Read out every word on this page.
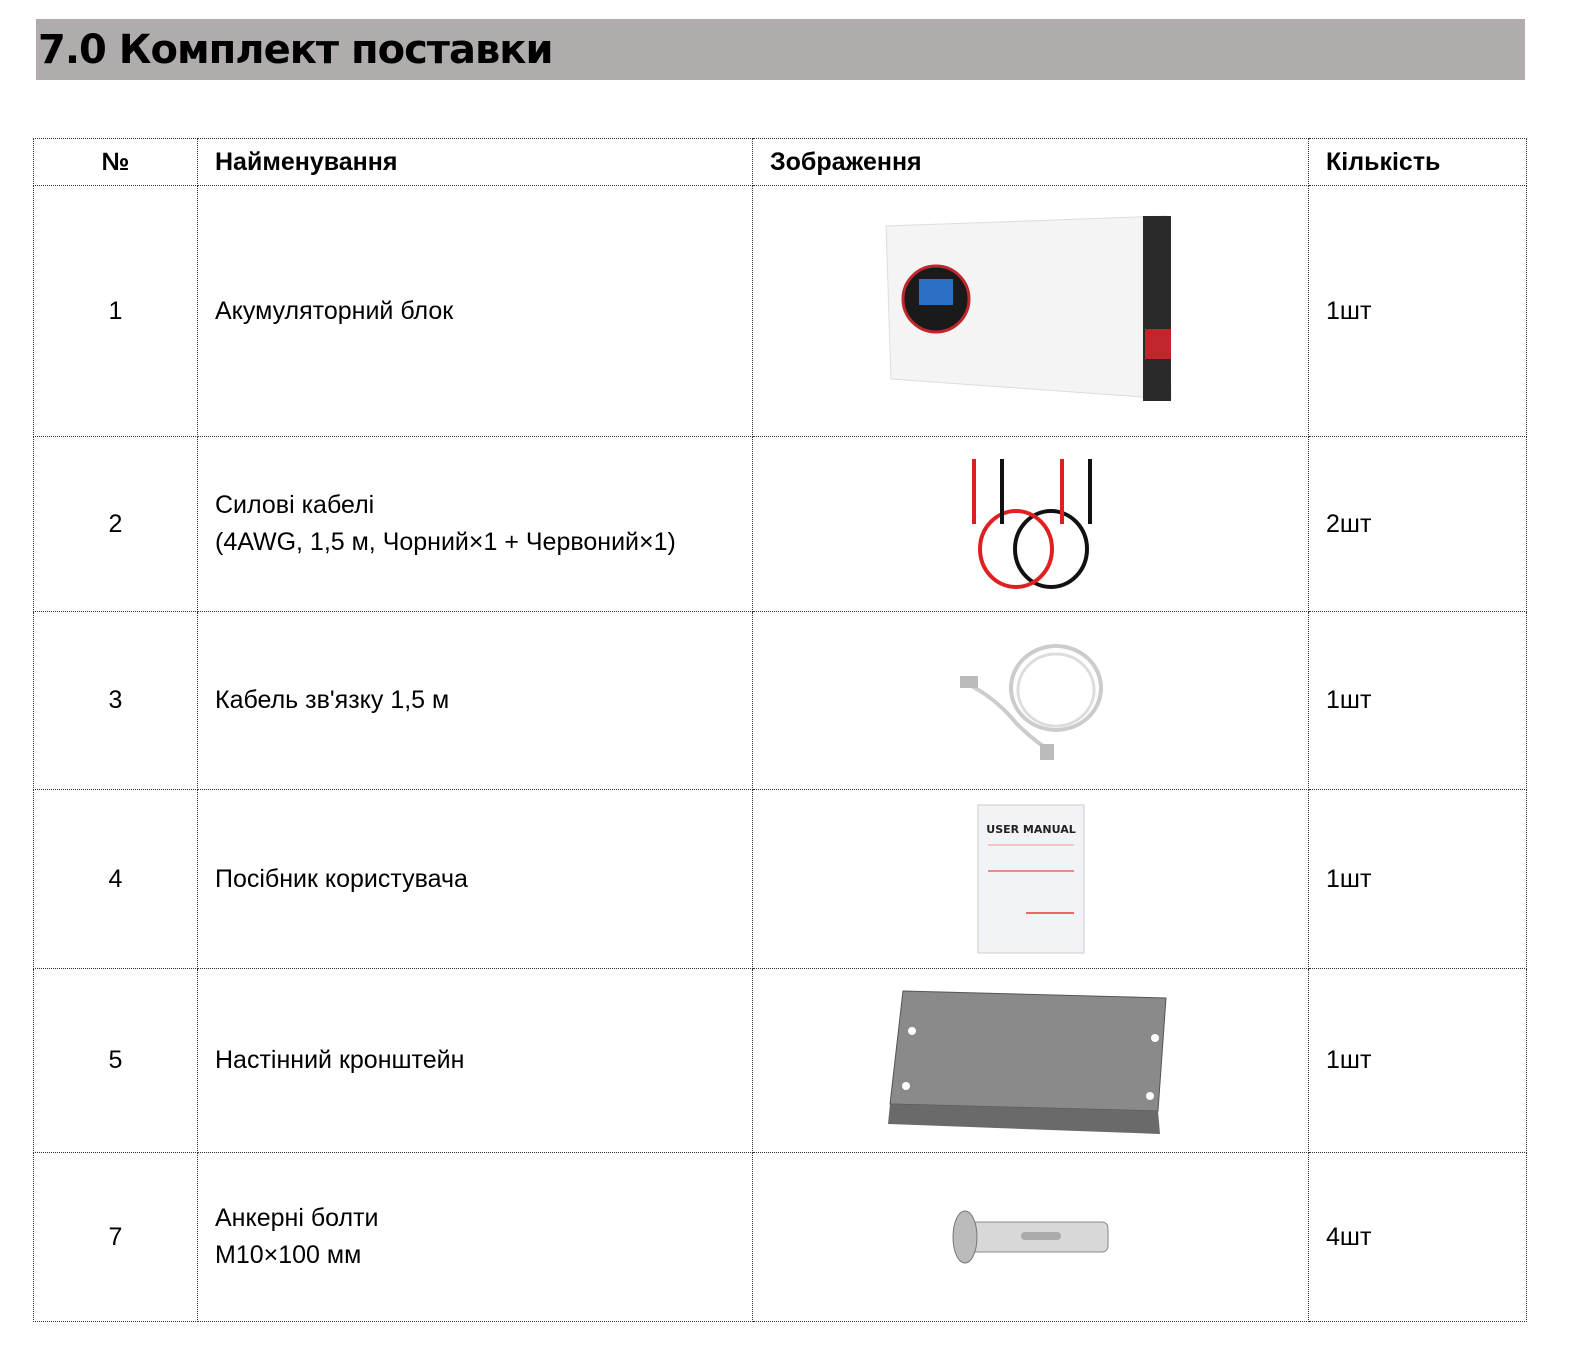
7.0 Комплект поставки
№	Найменування	Зображення	Кількість
1	Акумуляторний блок		1шт
2	Силові кабелі
(4AWG, 1,5 м, Чорний×1 + Червоний×1)		2шт
3	Кабель зв'язку 1,5 м		1шт
4	Посібник користувача	USER MANUAL	1шт
5	Настінний кронштейн		1шт
7	Анкерні болти
M10×100 мм		4шт
